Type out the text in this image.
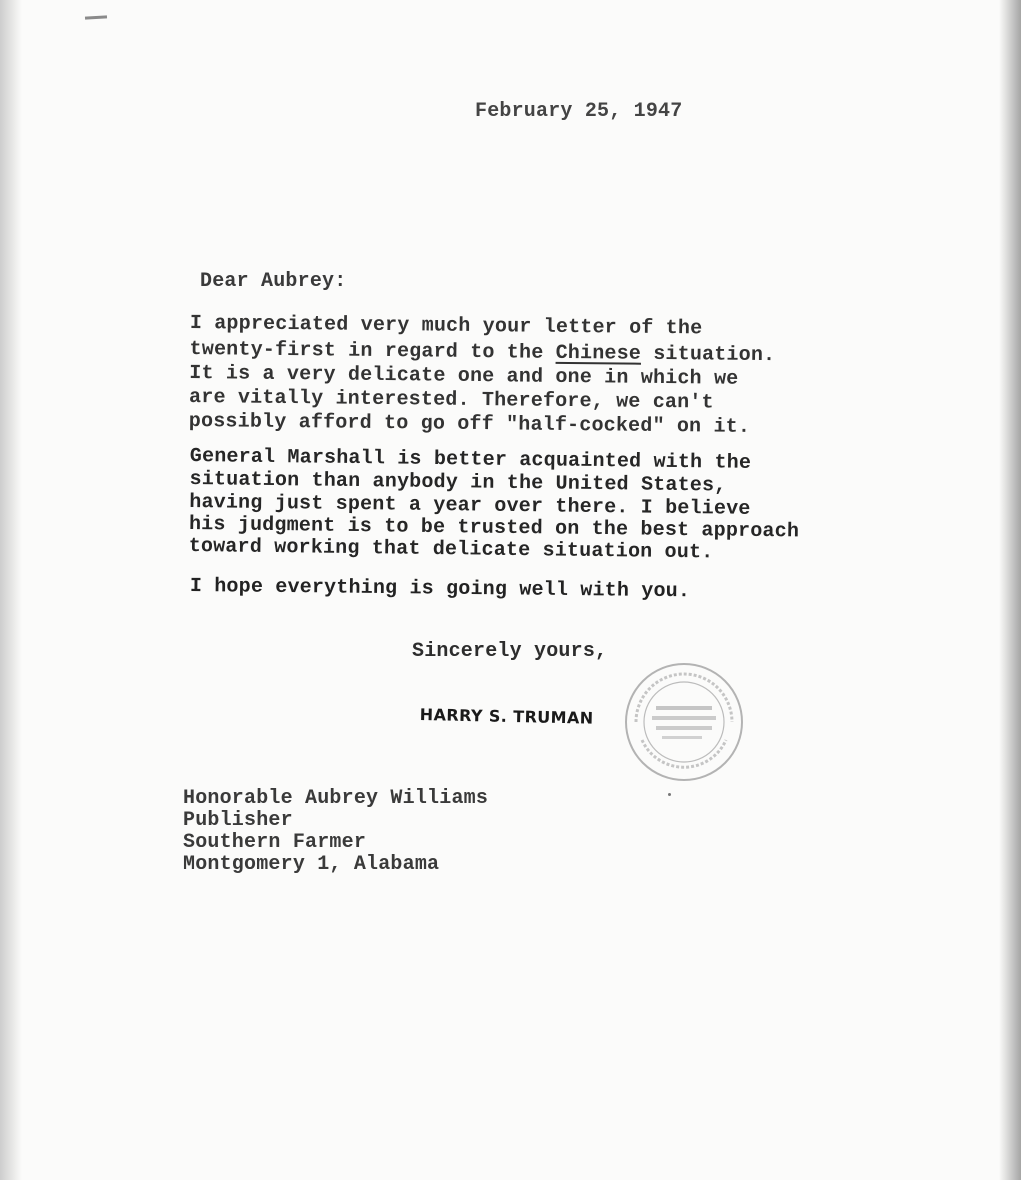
February 25, 1947
Dear Aubrey:
I appreciated very much your letter of the
twenty-first in regard to the Chinese situation.
It is a very delicate one and one in which we
are vitally interested. Therefore, we can't
possibly afford to go off "half-cocked" on it.
General Marshall is better acquainted with the
situation than anybody in the United States,
having just spent a year over there. I believe
his judgment is to be trusted on the best approach
toward working that delicate situation out.
I hope everything is going well with you.
Sincerely yours,
HARRY S. TRUMAN
Honorable Aubrey Williams
Publisher
Southern Farmer
Montgomery 1, Alabama
